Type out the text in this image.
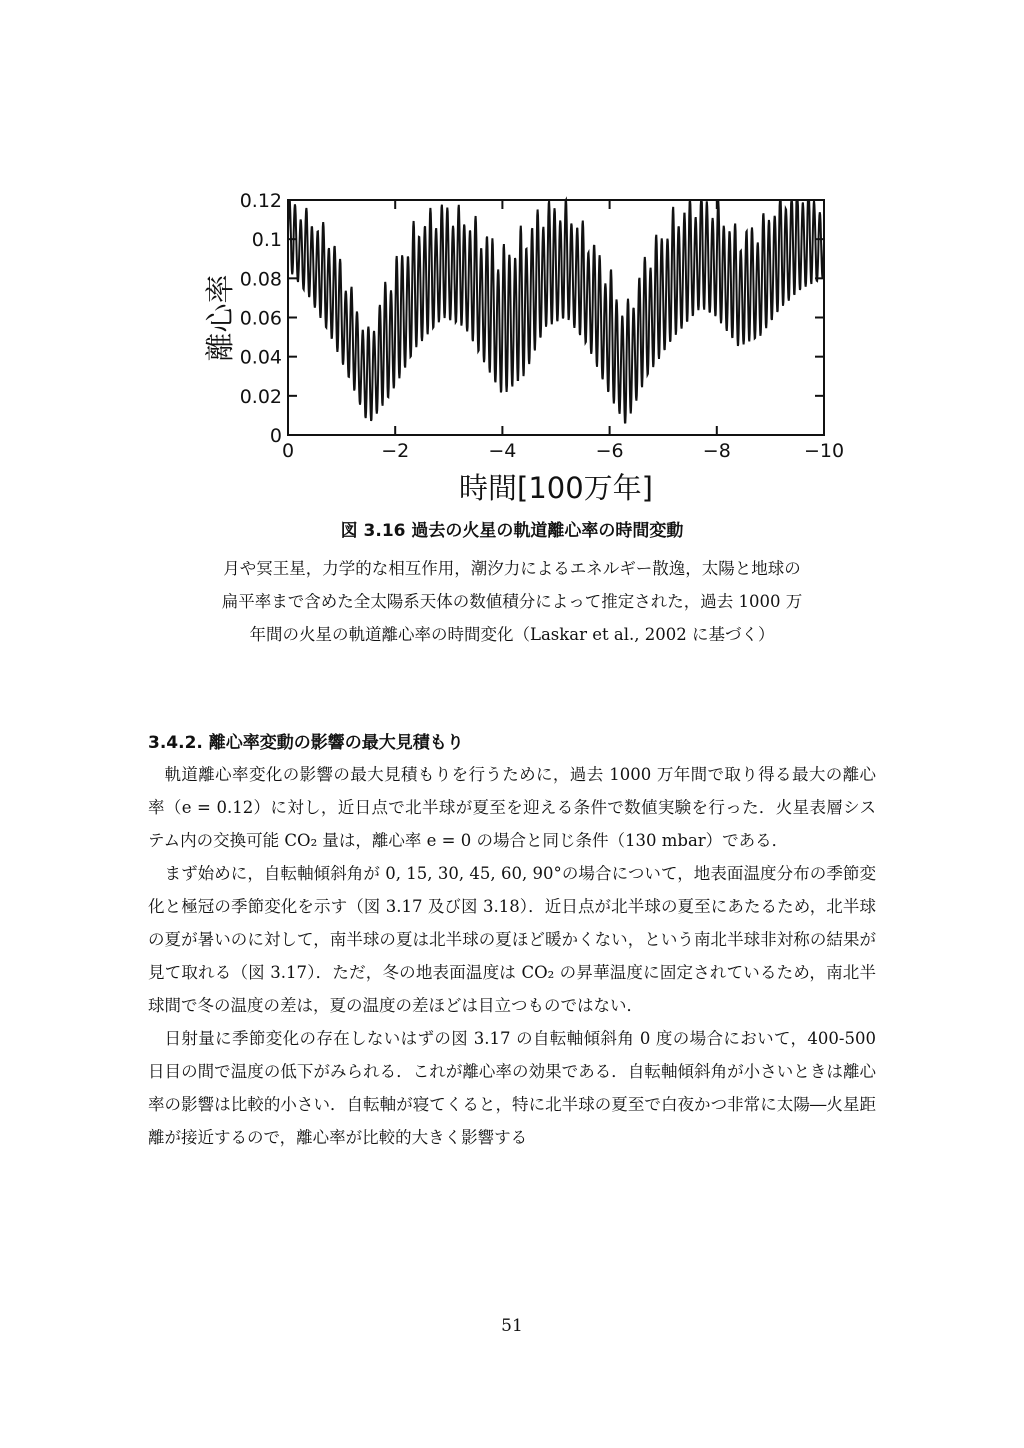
0
0.02
0.04
0.06
0.08
0.1
0.12
0	−2	−4	−6	−8	−10
離心率
時間[100万年]
図 3.16 過去の火星の軌道離心率の時間変動
月や冥王星，力学的な相互作用，潮汐力によるエネルギー散逸，太陽と地球の
扁平率まで含めた全太陽系天体の数値積分によって推定された，過去 1000 万
年間の火星の軌道離心率の時間変化（Laskar et al., 2002 に基づく）
3.4.2. 離心率変動の影響の最大見積もり

軌道離心率変化の影響の最大見積もりを行うために，過去 1000 万年間で取り得る最大の離心率（e = 0.12）に対し，近日点で北半球が夏至を迎える条件で数値実験を行った．火星表層システム内の交換可能 CO₂ 量は，離心率 e = 0 の場合と同じ条件（130 mbar）である．

まず始めに，自転軸傾斜角が 0, 15, 30, 45, 60, 90°の場合について，地表面温度分布の季節変化と極冠の季節変化を示す（図 3.17 及び図 3.18）．近日点が北半球の夏至にあたるため，北半球の夏が暑いのに対して，南半球の夏は北半球の夏ほど暖かくない，という南北半球非対称の結果が見て取れる（図 3.17）．ただ，冬の地表面温度は CO₂ の昇華温度に固定されているため，南北半球間で冬の温度の差は，夏の温度の差ほどは目立つものではない．

日射量に季節変化の存在しないはずの図 3.17 の自転軸傾斜角 0 度の場合において，400-500 日目の間で温度の低下がみられる．これが離心率の効果である．自転軸傾斜角が小さいときは離心率の影響は比較的小さい．自転軸が寝てくると，特に北半球の夏至で白夜かつ非常に太陽―火星距離が接近するので，離心率が比較的大きく影響する

51
